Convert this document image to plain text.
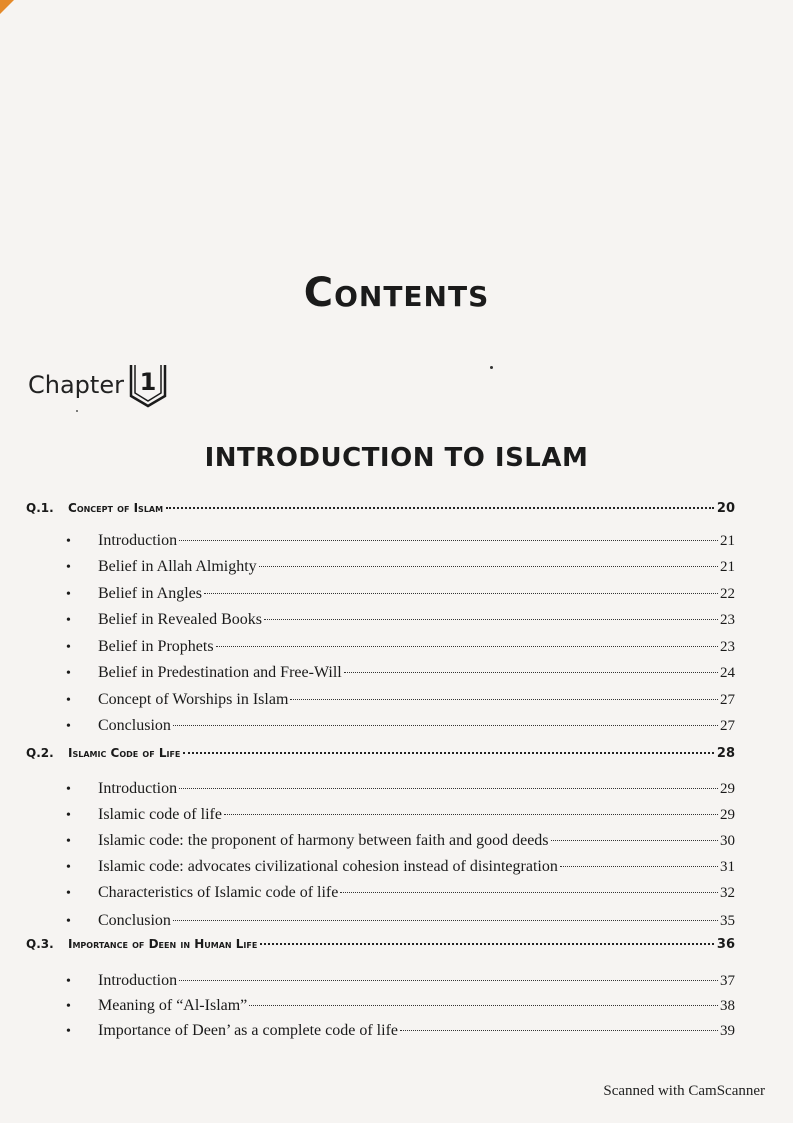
Contents
Chapter 1
INTRODUCTION TO ISLAM
Q.1.	Concept of Islam	20
•	Introduction	21
•	Belief in Allah Almighty	21
•	Belief in Angles	22
•	Belief in Revealed Books	23
•	Belief in Prophets	23
•	Belief in Predestination and Free-Will	24
•	Concept of Worships in Islam	27
•	Conclusion	27
Q.2.	Islamic Code of Life	28
•	Introduction	29
•	Islamic code of life	29
•	Islamic code: the proponent of harmony between faith and good deeds	30
•	Islamic code: advocates civilizational cohesion instead of disintegration	31
•	Characteristics of Islamic code of life	32
•	Conclusion	35
Q.3.	Importance of Deen in Human Life	36
•	Introduction	37
•	Meaning of “Al-Islam”	38
•	Importance of Deen’ as a complete code of life	39
Scanned with CamScanner
